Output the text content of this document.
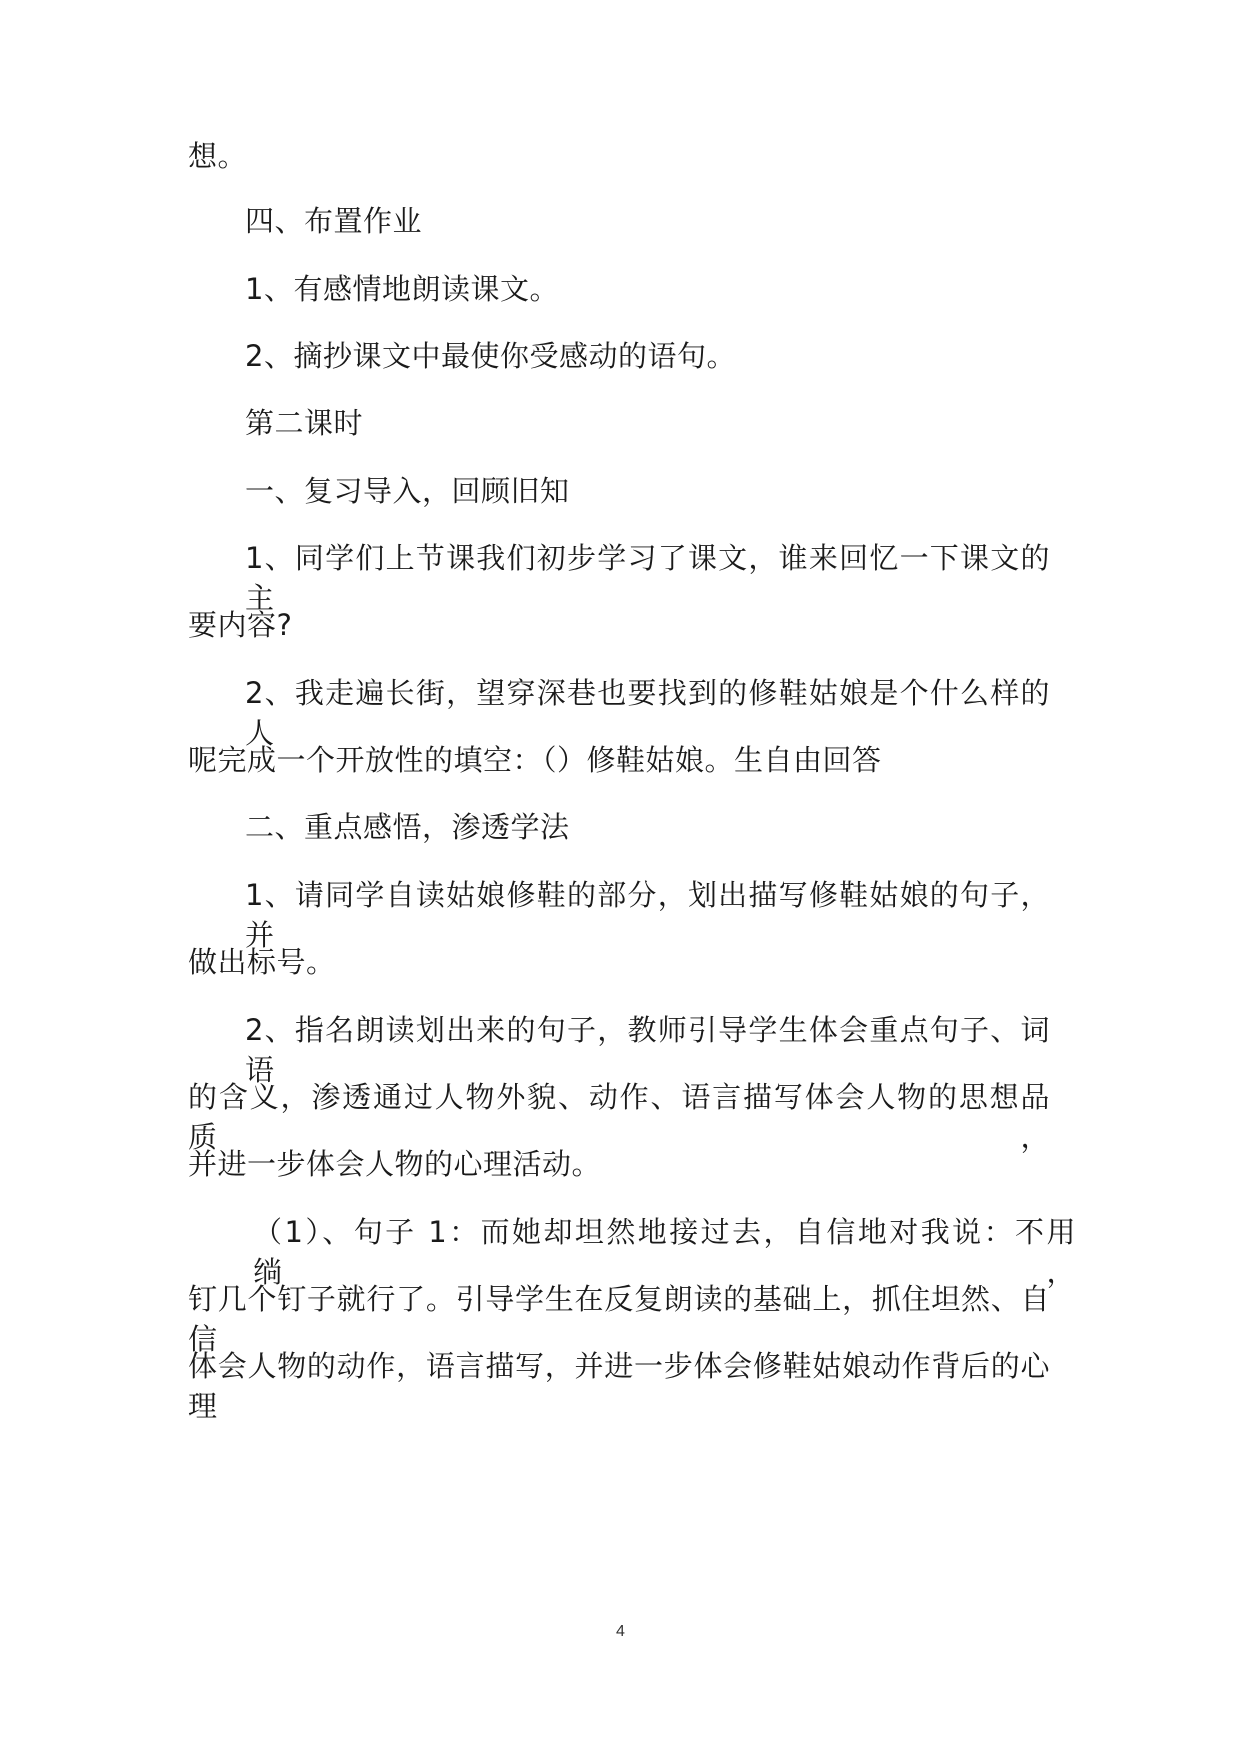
想。
四、布置作业
1、有感情地朗读课文。
2、摘抄课文中最使你受感动的语句。
第二课时
一、复习导入，回顾旧知
1、同学们上节课我们初步学习了课文，谁来回忆一下课文的主
要内容?
2、我走遍长街，望穿深巷也要找到的修鞋姑娘是个什么样的人
呢完成一个开放性的填空：（）修鞋姑娘。生自由回答
二、重点感悟，渗透学法
1、请同学自读姑娘修鞋的部分，划出描写修鞋姑娘的句子，并
做出标号。
2、指名朗读划出来的句子，教师引导学生体会重点句子、词语
的含义，渗透通过人物外貌、动作、语言描写体会人物的思想品质，
并进一步体会人物的心理活动。
（1）、句子 1：而她却坦然地接过去，自信地对我说：不用绱，
钉几个钉子就行了。引导学生在反复朗读的基础上，抓住坦然、自信
体会人物的动作，语言描写，并进一步体会修鞋姑娘动作背后的心理
4
